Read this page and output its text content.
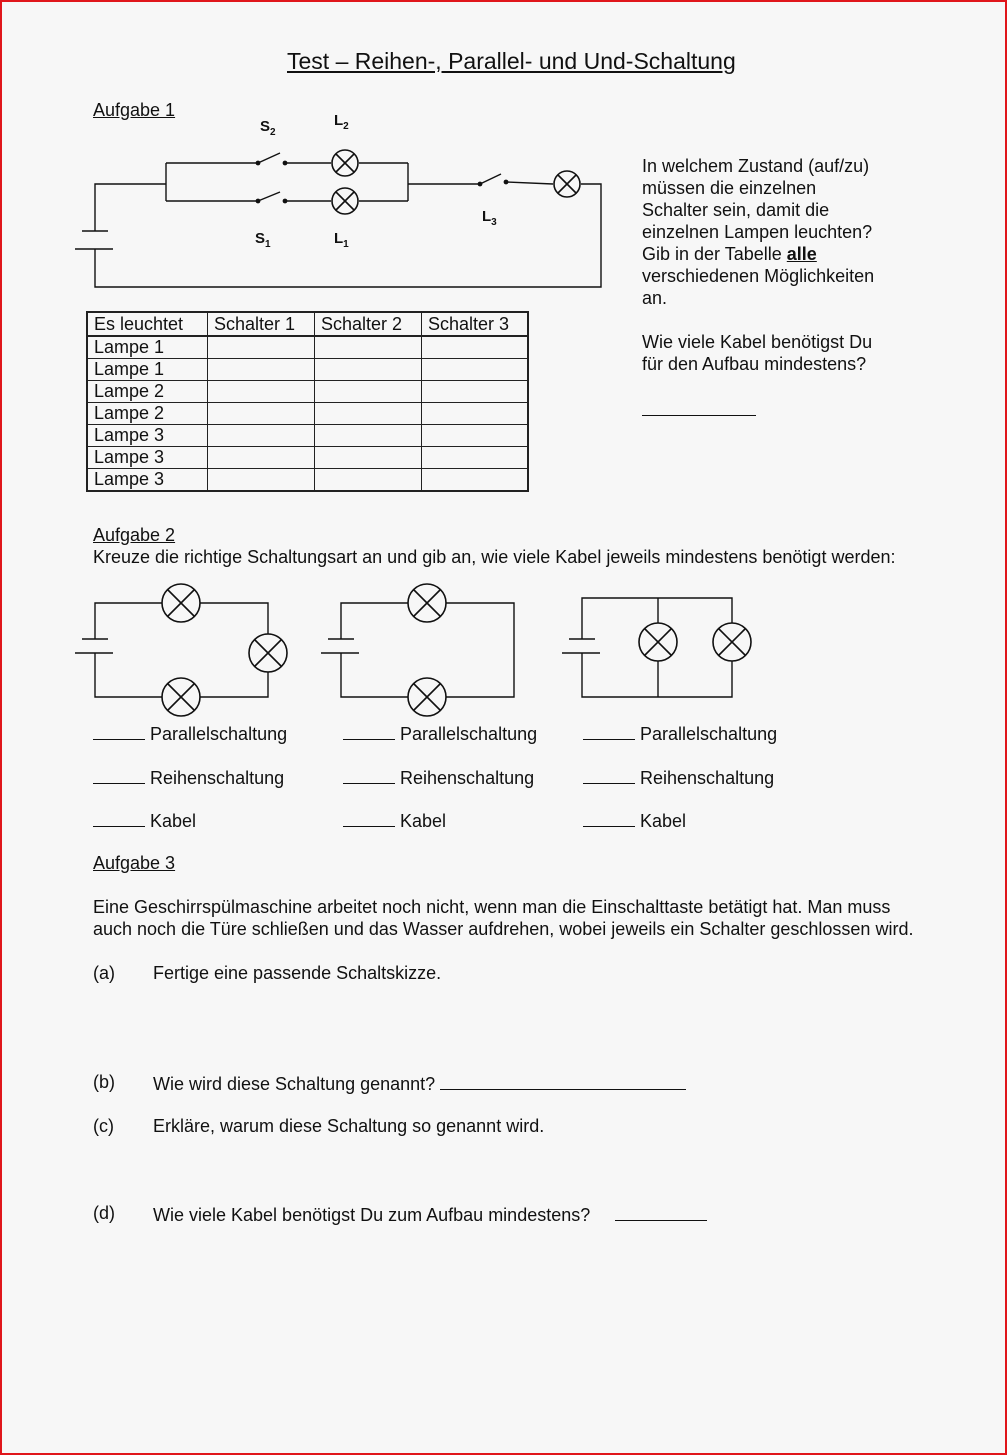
Test – Reihen-, Parallel- und Und-Schaltung
Aufgabe 1
$S_2$
$L_2$
$S_1$	$L_1$
$L_3$

In welchem Zustand (auf/zu)

müssen die einzelnen

Schalter sein, damit die

einzelnen Lampen leuchten?

Gib in der Tabelle alle

verschiedenen Möglichkeiten

an.

Wie viele Kabel benötigst Du

für den Aufbau mindestens?

Es leuchtet	Schalter 1	Schalter 2	Schalter 3
Lampe 1			
Lampe 1			
Lampe 2			
Lampe 2			
Lampe 3			
Lampe 3			
Lampe 3			
Aufgabe 2
Kreuze die richtige Schaltungsart an und gib an, wie viele Kabel jeweils mindestens benötigt werden:
Parallelschaltung
Reihenschaltung
Kabel
Parallelschaltung
Reihenschaltung
Kabel
Parallelschaltung
Reihenschaltung
Kabel
Aufgabe 3
Eine Geschirrspülmaschine arbeitet noch nicht, wenn man die Einschalttaste betätigt hat. Man muss
auch noch die Türe schließen und das Wasser aufdrehen, wobei jeweils ein Schalter geschlossen wird.
(a) Fertige eine passende Schaltskizze.
(b) Wie wird diese Schaltung genannt?
(c) Erkläre, warum diese Schaltung so genannt wird.
(d) Wie viele Kabel benötigst Du zum Aufbau mindestens?
